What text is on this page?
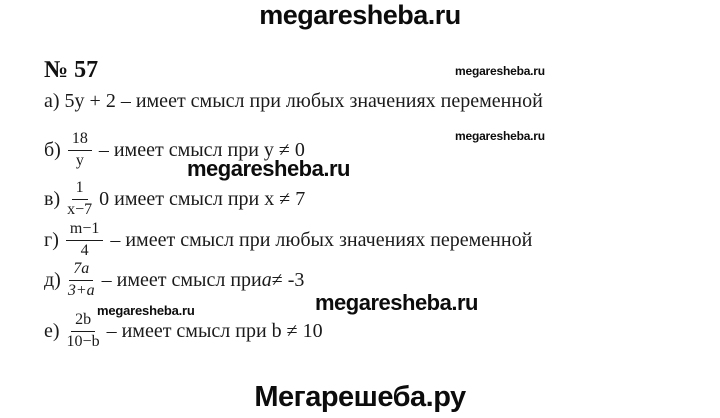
megaresheba.ru
№ 57	megaresheba.ru
а) 5y + 2 – имеет смысл при любых значениях переменной
megaresheba.ru
$б) \frac{18}{y}$ – имеет смысл при y ≠ 0
megaresheba.ru
$в) \frac{1}{x-7} 0$ имеет смысл при x ≠ 7
$г) \frac{m-1}{4}$ – имеет смысл при любых значениях переменной
$д) \frac{7a}{3+a}$ – имеет смысл при a ≠ -3
megaresheba.ru
megaresheba.ru
$е) \frac{2b}{10-b}$ – имеет смысл при b ≠ 10
Мегарешеба.ру
